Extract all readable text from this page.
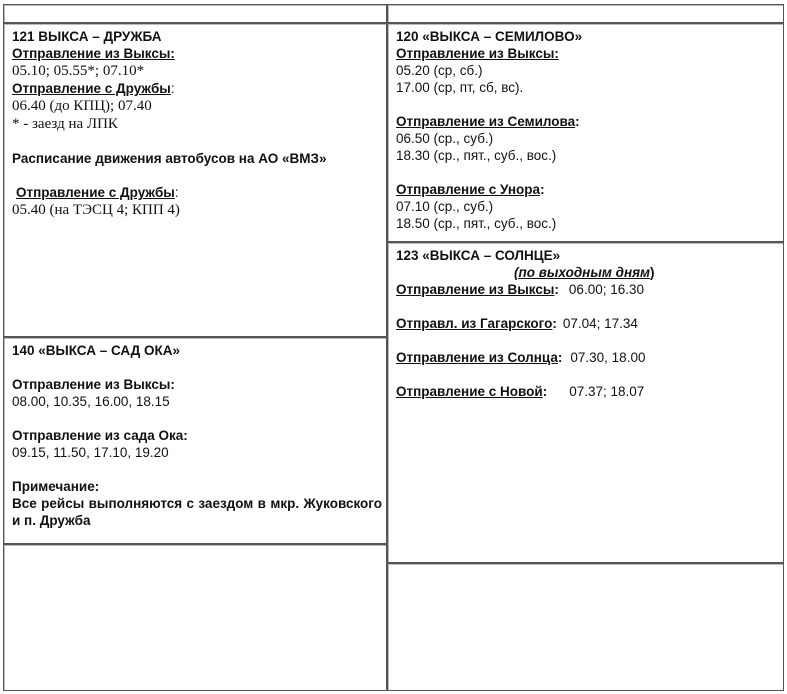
121 ВЫКСА – ДРУЖБА
Отправление из Выксы:
05.10; 05.55*; 07.10*
Отправление с Дружбы:
06.40 (до КПЦ); 07.40
* - заезд на ЛПК
Расписание движения автобусов на АО «ВМЗ»
Отправление с Дружбы:
05.40 (на ТЭСЦ 4; КПП 4)
140 «ВЫКСА – САД ОКА»
Отправление из Выксы:
08.00, 10.35, 16.00, 18.15
Отправление из сада Ока:
09.15, 11.50, 17.10, 19.20
Примечание:
Все рейсы выполняются с заездом в мкр. Жуковского и п. Дружба
120 «ВЫКСА – СЕМИЛОВО»
Отправление из Выксы:
05.20 (ср, сб.)
17.00 (ср, пт, сб, вс).
Отправление из Семилова:
06.50 (ср., суб.)
18.30 (ср., пят., суб., вос.)
Отправление с Унора:
07.10 (ср., суб.)
18.50 (ср., пят., суб., вос.)
123 «ВЫКСА – СОЛНЦЕ»
(по выходным дням)
Отправление из Выксы: 06.00; 16.30
Отправл. из Гагарского: 07.04; 17.34
Отправление из Солнца: 07.30, 18.00
Отправление с Новой: 07.37; 18.07
